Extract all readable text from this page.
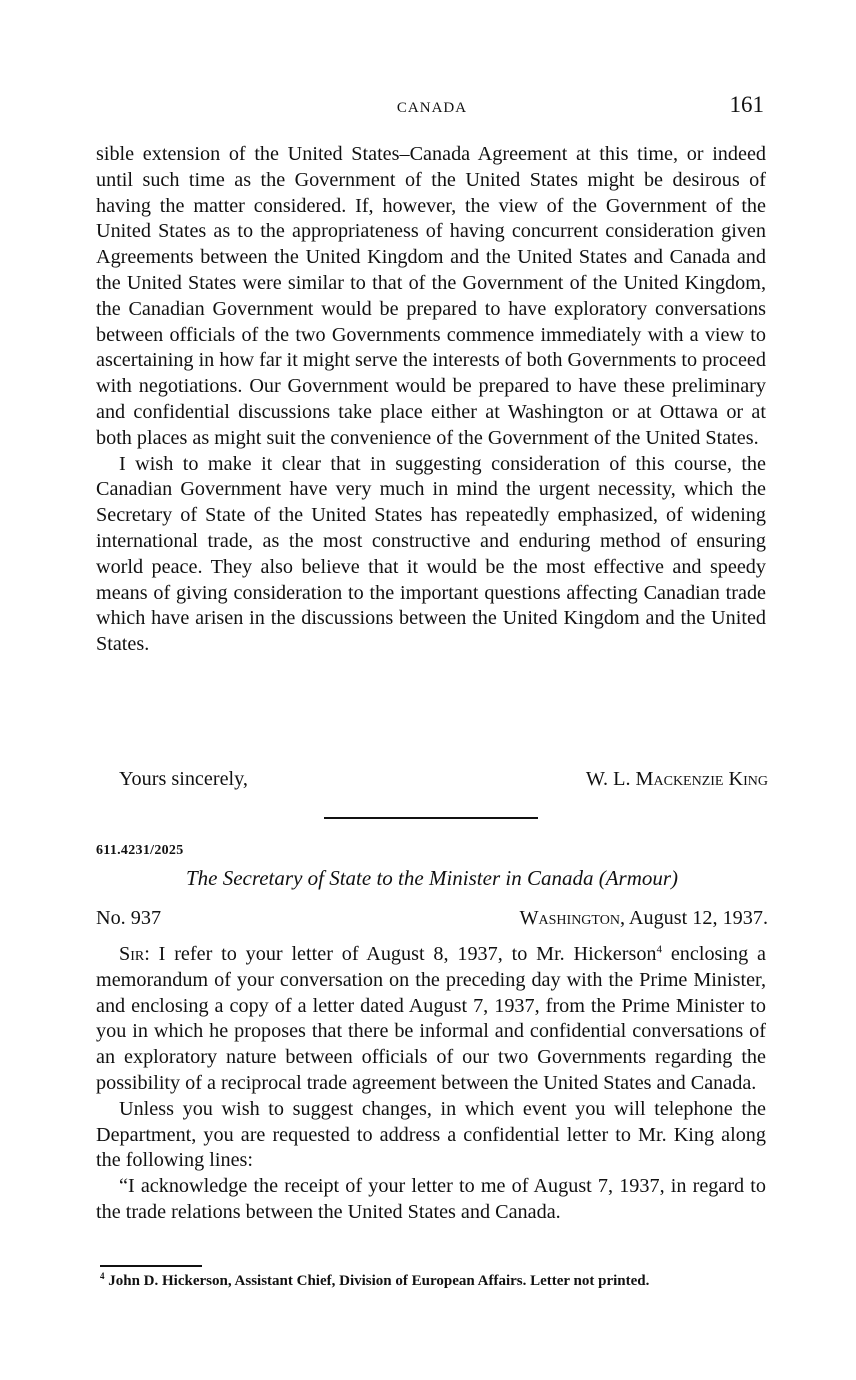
CANADA	161

sible extension of the United States–Canada Agreement at this time, or indeed until such time as the Government of the United States might be desirous of having the matter considered. If, however, the view of the Government of the United States as to the appropriateness of having concurrent consideration given Agreements between the United Kingdom and the United States and Canada and the United States were similar to that of the Government of the United Kingdom, the Canadian Government would be prepared to have exploratory conversations between officials of the two Governments commence immediately with a view to ascertaining in how far it might serve the interests of both Governments to proceed with negotiations. Our Government would be prepared to have these preliminary and confidential discussions take place either at Washington or at Ottawa or at both places as might suit the convenience of the Government of the United States.

I wish to make it clear that in suggesting consideration of this course, the Canadian Government have very much in mind the urgent necessity, which the Secretary of State of the United States has repeatedly emphasized, of widening international trade, as the most constructive and enduring method of ensuring world peace. They also believe that it would be the most effective and speedy means of giving consideration to the important questions affecting Canadian trade which have arisen in the discussions between the United Kingdom and the United States.

Yours sincerely,	W. L. Mackenzie King
611.4231/2025
The Secretary of State to the Minister in Canada (Armour)
No. 937	Washington, August 12, 1937.

Sir: I refer to your letter of August 8, 1937, to Mr. Hickerson$^4$ enclosing a memorandum of your conversation on the preceding day with the Prime Minister, and enclosing a copy of a letter dated August 7, 1937, from the Prime Minister to you in which he proposes that there be informal and confidential conversations of an exploratory nature between officials of our two Governments regarding the possibility of a reciprocal trade agreement between the United States and Canada.

Unless you wish to suggest changes, in which event you will telephone the Department, you are requested to address a confidential letter to Mr. King along the following lines:

“I acknowledge the receipt of your letter to me of August 7, 1937, in regard to the trade relations between the United States and Canada.

$^4$ John D. Hickerson, Assistant Chief, Division of European Affairs. Letter not printed.
